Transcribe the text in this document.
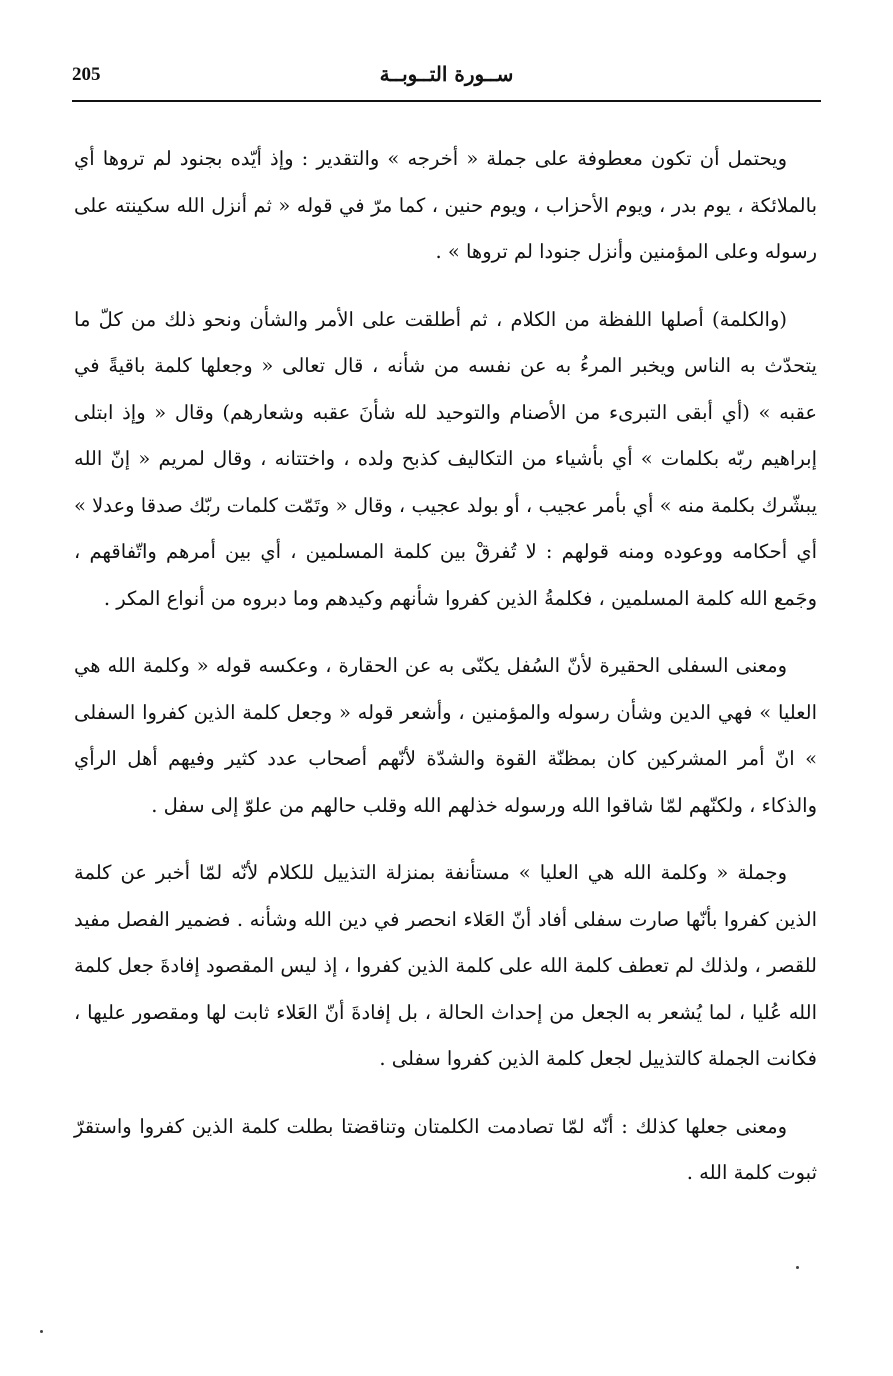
205	ســورة التــوبــة

ويحتمل أن تكون معطوفة على جملة « أخرجه » والتقدير : وإذ أيّده بجنود لم تروها أي بالملائكة ، يوم بدر ، ويوم الأحزاب ، ويوم حنين ، كما مرّ في قوله « ثم أنزل الله سكينته على رسوله وعلى المؤمنين وأنزل جنودا لم تروها » .

(والكلمة) أصلها اللفظة من الكلام ، ثم أطلقت على الأمر والشأن ونحو ذلك من كلّ ما يتحدّث به الناس ويخبر المرءُ به عن نفسه من شأنه ، قال تعالى « وجعلها كلمة باقيةً في عقبه » (أي أبقى التبرىء من الأصنام والتوحيد لله شأنَ عقبه وشعارهم) وقال « وإذ ابتلى إبراهيم ربّه بكلمات » أي بأشياء من التكاليف كذبح ولده ، واختتانه ، وقال لمريم « إنّ الله يبشّرك بكلمة منه » أي بأمر عجيب ، أو بولد عجيب ، وقال « وتَمّت كلمات ربّك صدقا وعدلا » أي أحكامه ووعوده ومنه قولهم : لا تُفرقْ بين كلمة المسلمين ، أي بين أمرهم واتّفاقهم ، وجَمع الله كلمة المسلمين ، فكلمةُ الذين كفروا شأنهم وكيدهم وما دبروه من أنواع المكر .

ومعنى السفلى الحقيرة لأنّ السُفل يكنّى به عن الحقارة ، وعكسه قوله « وكلمة الله هي العليا » فهي الدين وشأن رسوله والمؤمنين ، وأشعر قوله « وجعل كلمة الذين كفروا السفلى » انّ أمر المشركين كان بمظنّة القوة والشدّة لأنّهم أصحاب عدد كثير وفيهم أهل الرأي والذكاء ، ولكنّهم لمّا شاقوا الله ورسوله خذلهم الله وقلب حالهم من علوّ إلى سفل .

وجملة « وكلمة الله هي العليا » مستأنفة بمنزلة التذييل للكلام لأنّه لمّا أخبر عن كلمة الذين كفروا بأنّها صارت سفلى أفاد أنّ العَلاء انحصر في دين الله وشأنه . فضمير الفصل مفيد للقصر ، ولذلك لم تعطف كلمة الله على كلمة الذين كفروا ، إذ ليس المقصود إفادةَ جعل كلمة الله عُليا ، لما يُشعر به الجعل من إحداث الحالة ، بل إفادةَ أنّ العَلاء ثابت لها ومقصور عليها ، فكانت الجملة كالتذييل لجعل كلمة الذين كفروا سفلى .

ومعنى جعلها كذلك : أنّه لمّا تصادمت الكلمتان وتناقضتا بطلت كلمة الذين كفروا واستقرّ ثبوت كلمة الله .
